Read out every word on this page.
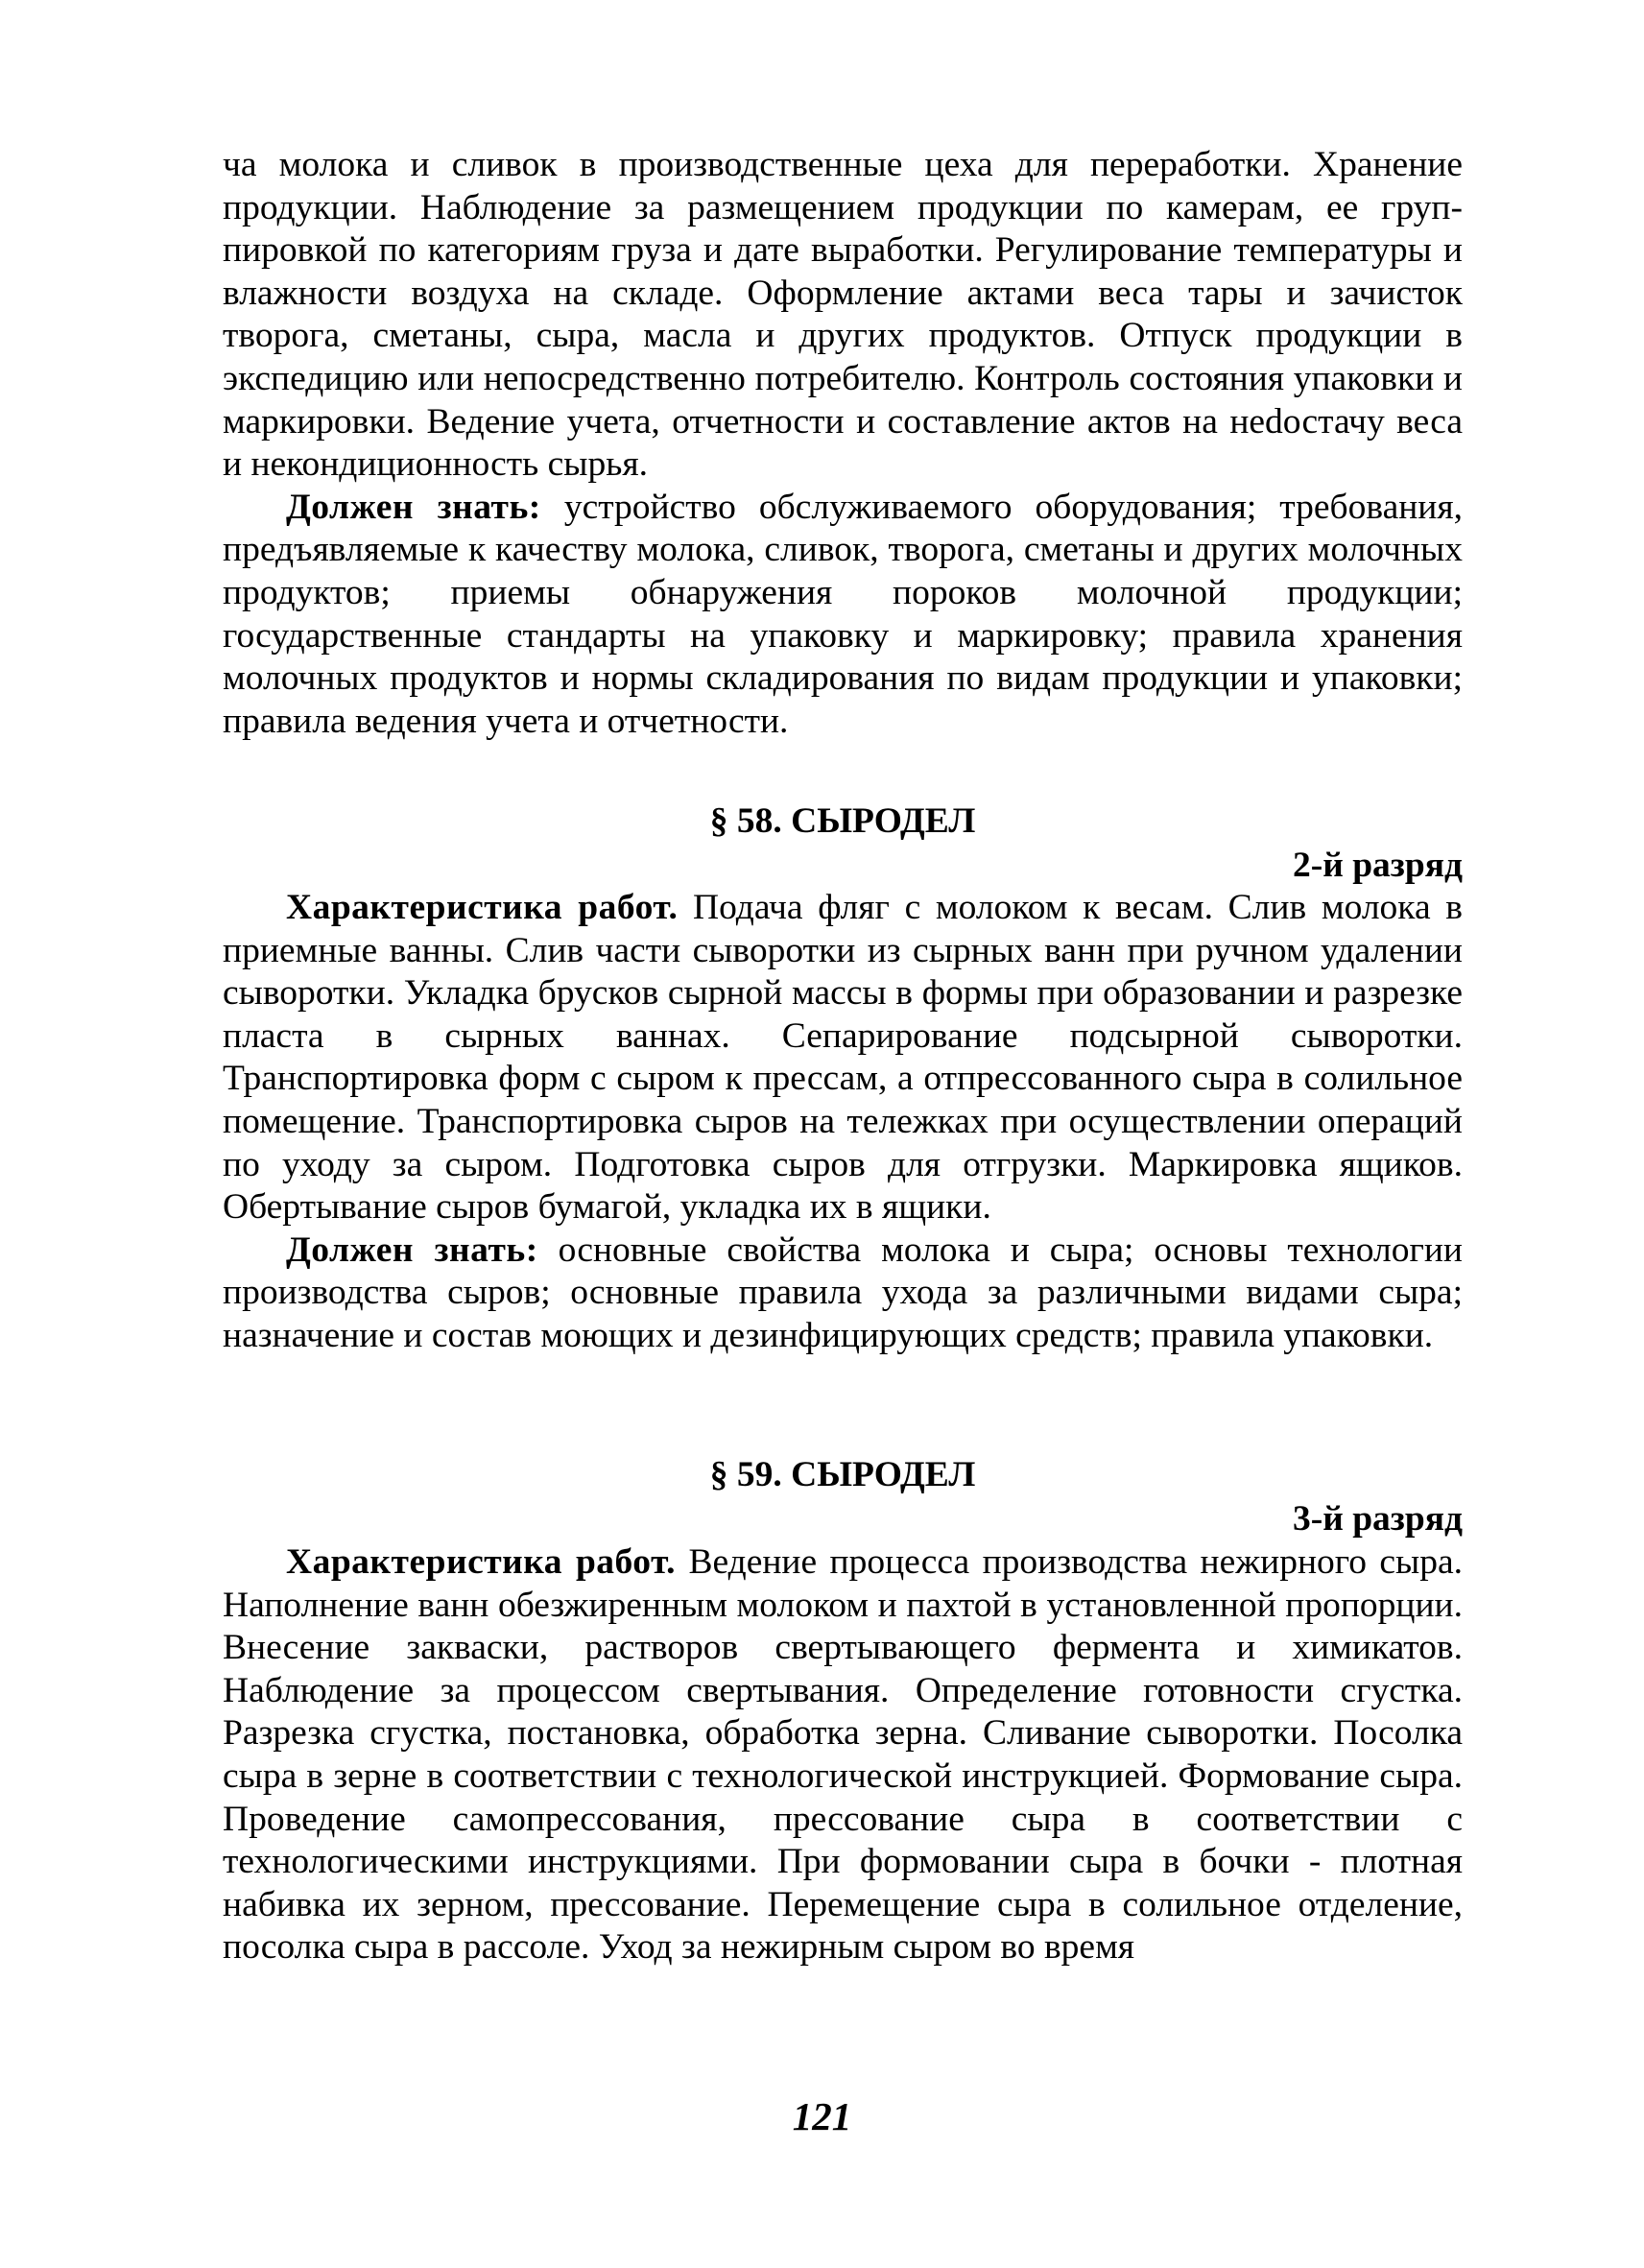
ча молока и сливок в производственные цеха для переработки. Хранение продукции. Наблюдение за размещением продукции по камерам, ее группировкой по категориям груза и дате выработки. Регулирование температуры и влажности воздуха на складе. Оформление актами веса тары и зачисток творога, сметаны, сыра, масла и других продуктов. Отпуск продукции в экспедицию или непосредственно потребителю. Контроль состояния упаковки и маркировки. Ведение учета, отчетности и составление актов на неdостачу веса и некондиционность сырья.

Должен знать: устройство обслуживаемого оборудования; требования, предъявляемые к качеству молока, сливок, творога, сметаны и других молочных продуктов; приемы обнаружения пороков молочной продукции; государственные стандарты на упаковку и маркировку; правила хранения молочных продуктов и нормы складирования по видам продукции и упаковки; правила ведения учета и отчетности.

§ 58. СЫРОДЕЛ
2-й разряд

Характеристика работ. Подача фляг с молоком к весам. Слив молока в приемные ванны. Слив части сыворотки из сырных ванн при ручном удалении сыворотки. Укладка брусков сырной массы в формы при образовании и разрезке пласта в сырных ваннах. Сепарирование подсырной сыворотки. Транспортировка форм с сыром к прессам, а отпрессованного сыра в солильное помещение. Транспортировка сыров на тележках при осуществлении операций по уходу за сыром. Подготовка сыров для отгрузки. Маркировка ящиков. Обертывание сыров бумагой, укладка их в ящики.

Должен знать: основные свойства молока и сыра; основы технологии производства сыров; основные правила ухода за различными видами сыра; назначение и состав моющих и дезинфицирующих средств; правила упаковки.

§ 59. СЫРОДЕЛ
3-й разряд

Характеристика работ. Ведение процесса производства нежирного сыра. Наполнение ванн обезжиренным молоком и пахтой в установленной пропорции. Внесение закваски, растворов свертывающего фермента и химикатов. Наблюдение за процессом свертывания. Определение готовности сгустка. Разрезка сгустка, постановка, обработка зерна. Сливание сыворотки. Посолка сыра в зерне в соответствии с технологической инструкцией. Формование сыра. Проведение самопрессования, прессование сыра в соответствии с технологическими инструкциями. При формовании сыра в бочки - плотная набивка их зерном, прессование. Перемещение сыра в солильное отделение, посолка сыра в рассоле. Уход за нежирным сыром во время

121
